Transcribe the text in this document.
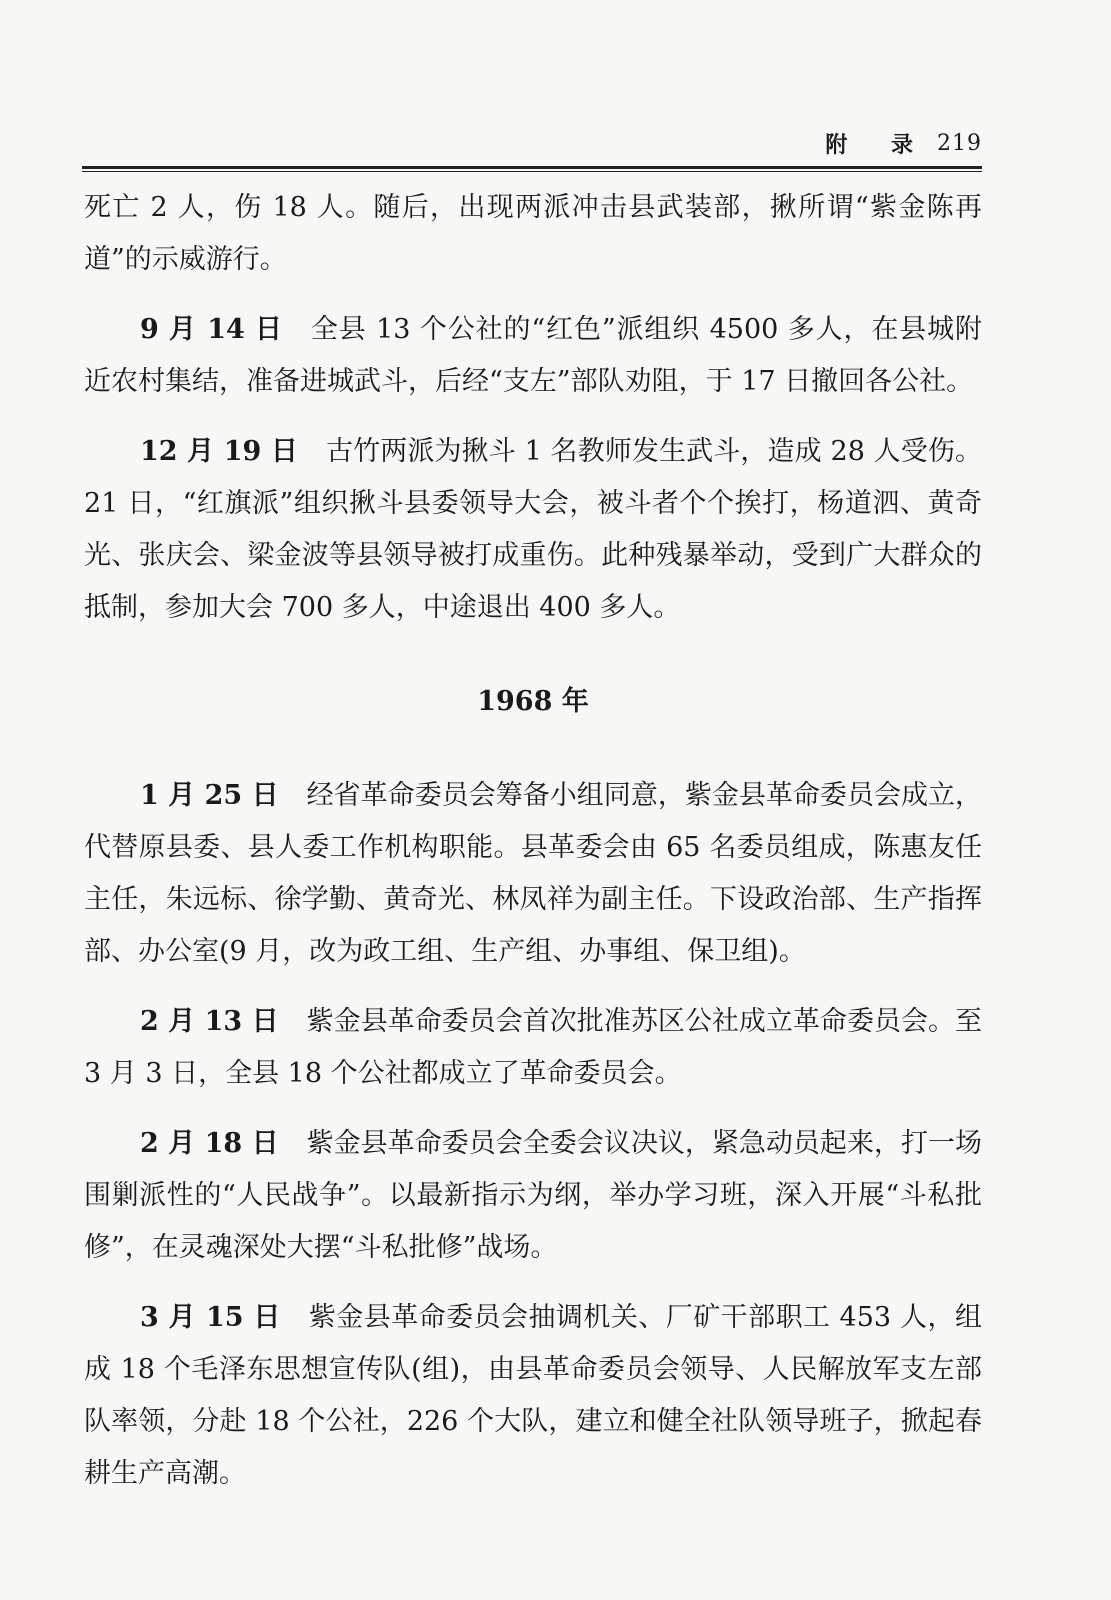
附 录 219

死亡 2 人，伤 18 人。随后，出现两派冲击县武装部，揪所谓“紫金陈再道”的示威游行。

9 月 14 日 全县 13 个公社的“红色”派组织 4500 多人，在县城附近农村集结，准备进城武斗，后经“支左”部队劝阻，于 17 日撤回各公社。

12 月 19 日 古竹两派为揪斗 1 名教师发生武斗，造成 28 人受伤。21 日，“红旗派”组织揪斗县委领导大会，被斗者个个挨打，杨道泗、黄奇光、张庆会、梁金波等县领导被打成重伤。此种残暴举动，受到广大群众的抵制，参加大会 700 多人，中途退出 400 多人。

1968 年

1 月 25 日 经省革命委员会筹备小组同意，紫金县革命委员会成立，代替原县委、县人委工作机构职能。县革委会由 65 名委员组成，陈惠友任主任，朱远标、徐学勤、黄奇光、林凤祥为副主任。下设政治部、生产指挥部、办公室(9 月，改为政工组、生产组、办事组、保卫组)。

2 月 13 日 紫金县革命委员会首次批准苏区公社成立革命委员会。至 3 月 3 日，全县 18 个公社都成立了革命委员会。

2 月 18 日 紫金县革命委员会全委会议决议，紧急动员起来，打一场围剿派性的“人民战争”。以最新指示为纲，举办学习班，深入开展“斗私批修”，在灵魂深处大摆“斗私批修”战场。

3 月 15 日 紫金县革命委员会抽调机关、厂矿干部职工 453 人，组成 18 个毛泽东思想宣传队(组)，由县革命委员会领导、人民解放军支左部队率领，分赴 18 个公社，226 个大队，建立和健全社队领导班子，掀起春耕生产高潮。
